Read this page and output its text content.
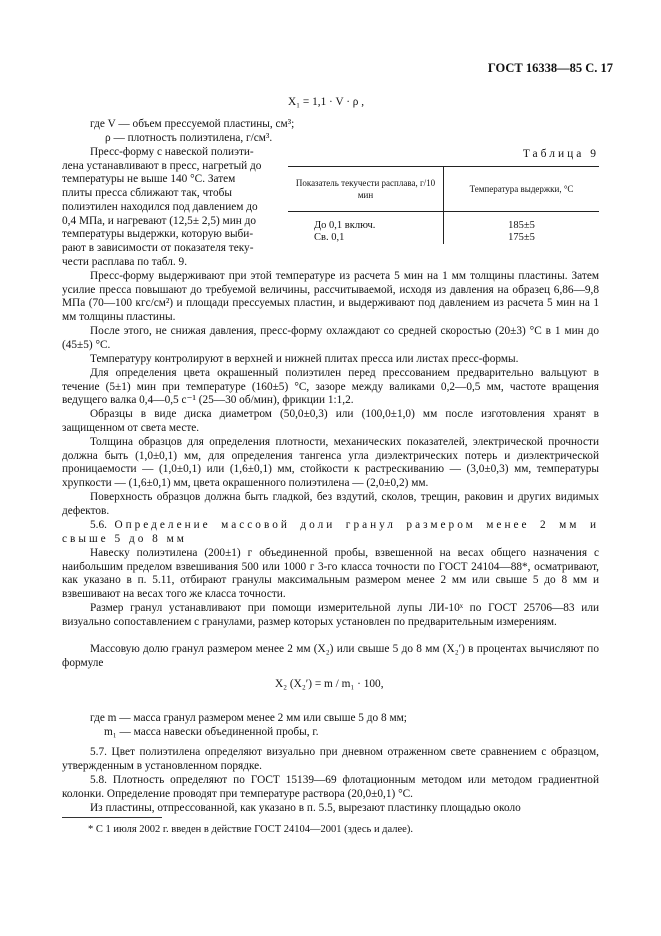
ГОСТ 16338—85 С. 17
X₁ = 1,1 · V · ρ ,
где V — объем прессуемой пластины, см³;
ρ — плотность полиэтилена, г/см³.
Пресс-форму с навеской полиэти-
лена устанавливают в пресс, нагретый до
температуры не выше 140 °С. Затем
плиты пресса сближают так, чтобы
полиэтилен находился под давлением до
0,4 МПа, и нагревают (12,5± 2,5) мин до
температуры выдержки, которую выби-
рают в зависимости от показателя теку-
чести расплава по табл. 9.
Таблица 9
Показатель текучести расплава, г/10 мин	Температура выдержки, °С
До 0,1 включ.	185±5
Св. 0,1	175±5
Пресс-форму выдерживают при этой температуре из расчета 5 мин на 1 мм толщины пластины. Затем усилие пресса повышают до требуемой величины, рассчитываемой, исходя из давления на образец 6,86—9,8 МПа (70—100 кгс/см²) и площади прессуемых пластин, и выдерживают под давлением из расчета 5 мин на 1 мм толщины пластины.
После этого, не снижая давления, пресс-форму охлаждают со средней скоростью (20±3) °С в 1 мин до (45±5) °С.
Температуру контролируют в верхней и нижней плитах пресса или листах пресс-формы.
Для определения цвета окрашенный полиэтилен перед прессованием предварительно вальцуют в течение (5±1) мин при температуре (160±5) °С, зазоре между валиками 0,2—0,5 мм, частоте вращения ведущего валка 0,4—0,5 с⁻¹ (25—30 об/мин), фрикции 1:1,2.
Образцы в виде диска диаметром (50,0±0,3) или (100,0±1,0) мм после изготовления хранят в защищенном от света месте.
Толщина образцов для определения плотности, механических показателей, электрической прочности должна быть (1,0±0,1) мм, для определения тангенса угла диэлектрических потерь и диэлектрической проницаемости — (1,0±0,1) или (1,6±0,1) мм, стойкости к растрескиванию — (3,0±0,3) мм, температуры хрупкости — (1,6±0,1) мм, цвета окрашенного полиэтилена — (2,0±0,2) мм.
Поверхность образцов должна быть гладкой, без вздутий, сколов, трещин, раковин и других видимых дефектов.
5.6. Определение массовой доли гранул размером менее 2 мм и свыше 5 до 8 мм
Навеску полиэтилена (200±1) г объединенной пробы, взвешенной на весах общего назначения с наибольшим пределом взвешивания 500 или 1000 г 3-го класса точности по ГОСТ 24104—88*, осматривают, как указано в п. 5.11, отбирают гранулы максимальным размером менее 2 мм или свыше 5 до 8 мм и взвешивают на весах того же класса точности.
Размер гранул устанавливают при помощи измерительной лупы ЛИ-10ˣ по ГОСТ 25706—83 или визуально сопоставлением с гранулами, размер которых установлен по предварительным измерениям.
Массовую долю гранул размером менее 2 мм (X₂) или свыше 5 до 8 мм (X₂′) в процентах вычисляют по формуле
X₂ (X₂′) = m / m₁ · 100,
где m — масса гранул размером менее 2 мм или свыше 5 до 8 мм;
m₁ — масса навески объединенной пробы, г.
5.7. Цвет полиэтилена определяют визуально при дневном отраженном свете сравнением с образцом, утвержденным в установленном порядке.
5.8. Плотность определяют по ГОСТ 15139—69 флотационным методом или методом градиентной колонки. Определение проводят при температуре раствора (20,0±0,1) °С.
Из пластины, отпрессованной, как указано в п. 5.5, вырезают пластинку площадью около
* С 1 июля 2002 г. введен в действие ГОСТ 24104—2001 (здесь и далее).
